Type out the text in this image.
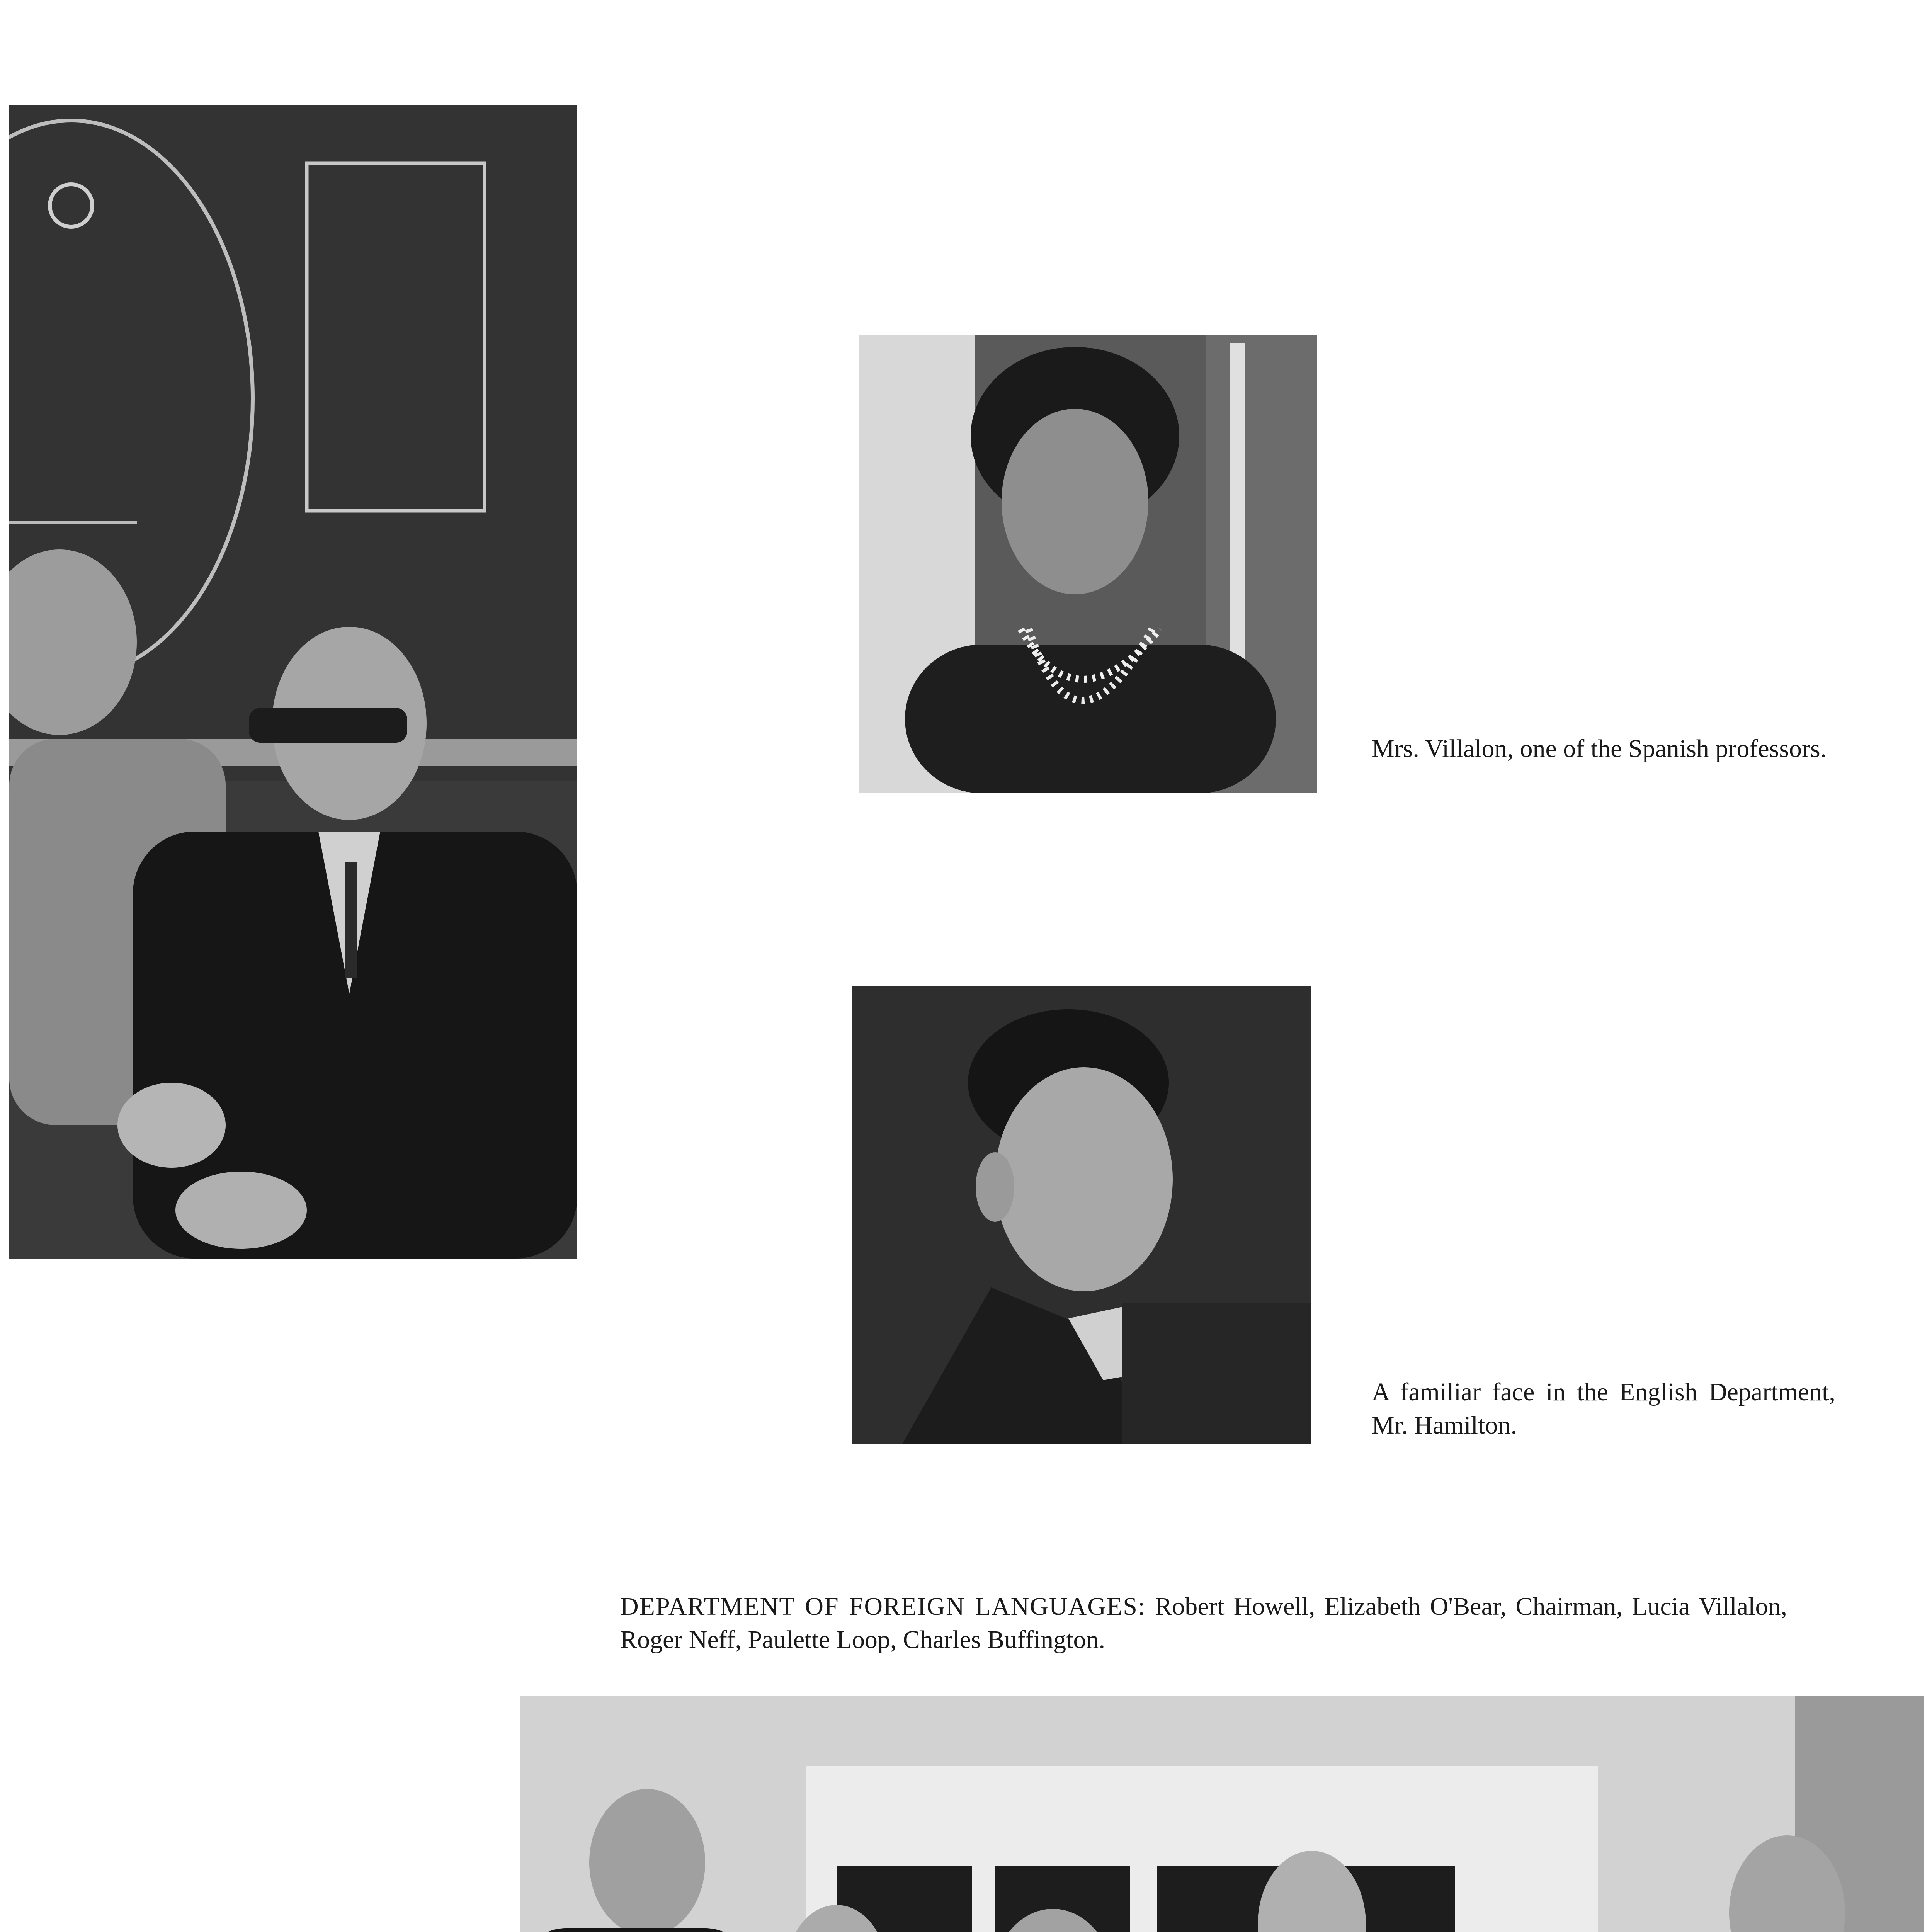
Mrs. Villalon, one of the Spanish professors.

A familiar face in the English Department, Mr. Hamilton.

DEPARTMENT OF FOREIGN LANGUAGES: Robert Howell, Elizabeth O'Bear, Chairman, Lucia Villalon, Roger Neff, Paulette Loop, Charles Buffington.
